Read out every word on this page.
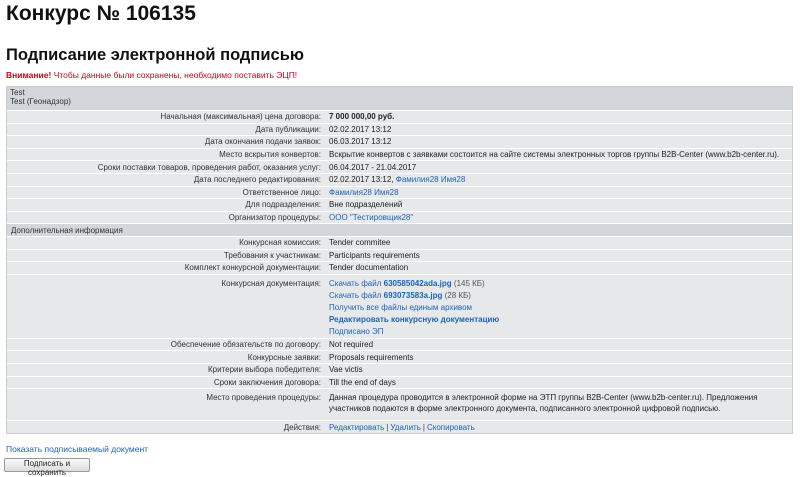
Конкурс № 106135
Подписание электронной подписью
Внимание! Чтобы данные были сохранены, необходимо поставить ЭЦП!
Test
Test (Геонадзор)
Начальная (максимальная) цена договора:	7 000 000,00 руб.
Дата публикации:	02.02.2017 13:12
Дата окончания подачи заявок:	06.03.2017 13:12
Место вскрытия конвертов:	Вскрытие конвертов с заявками состоится на сайте системы электронных торгов группы B2B-Center (www.b2b-center.ru).
Сроки поставки товаров, проведения работ, оказания услуг:	06.04.2017 - 21.04.2017
Дата последнего редактирования:	02.02.2017 13:12, Фамилия28 Имя28
Ответственное лицо:	Фамилия28 Имя28
Для подразделения:	Вне подразделений
Организатор процедуры:	ООО "Тестировщик28"
Дополнительная информация	
Конкурсная комиссия:	Tender commitee
Требования к участникам:	Participants requirements
Комплект конкурсной документации:	Tender documentation
Конкурсная документация:	Скачать файл 630585042ada.jpg (145 КБ)
Скачать файл 693073583a.jpg (28 КБ)
Получить все файлы единым архивом
Редактировать конкурсную документацию
Подписано ЭП

Обеспечение обязательств по договору:	Not required
Конкурсные заявки:	Proposals requirements
Критерии выбора победителя:	Vae victis
Сроки заключения договора:	Till the end of days
Место проведения процедуры:	Данная процедура проводится в электронной форме на ЭТП группы B2B-Center (www.b2b-center.ru). Предложения участников подаются в форме электронного документа, подписанного электронной цифровой подписью.
Действия:	Редактировать | Удалить | Скопировать
Показать подписываемый документ
Подписать и сохранить
